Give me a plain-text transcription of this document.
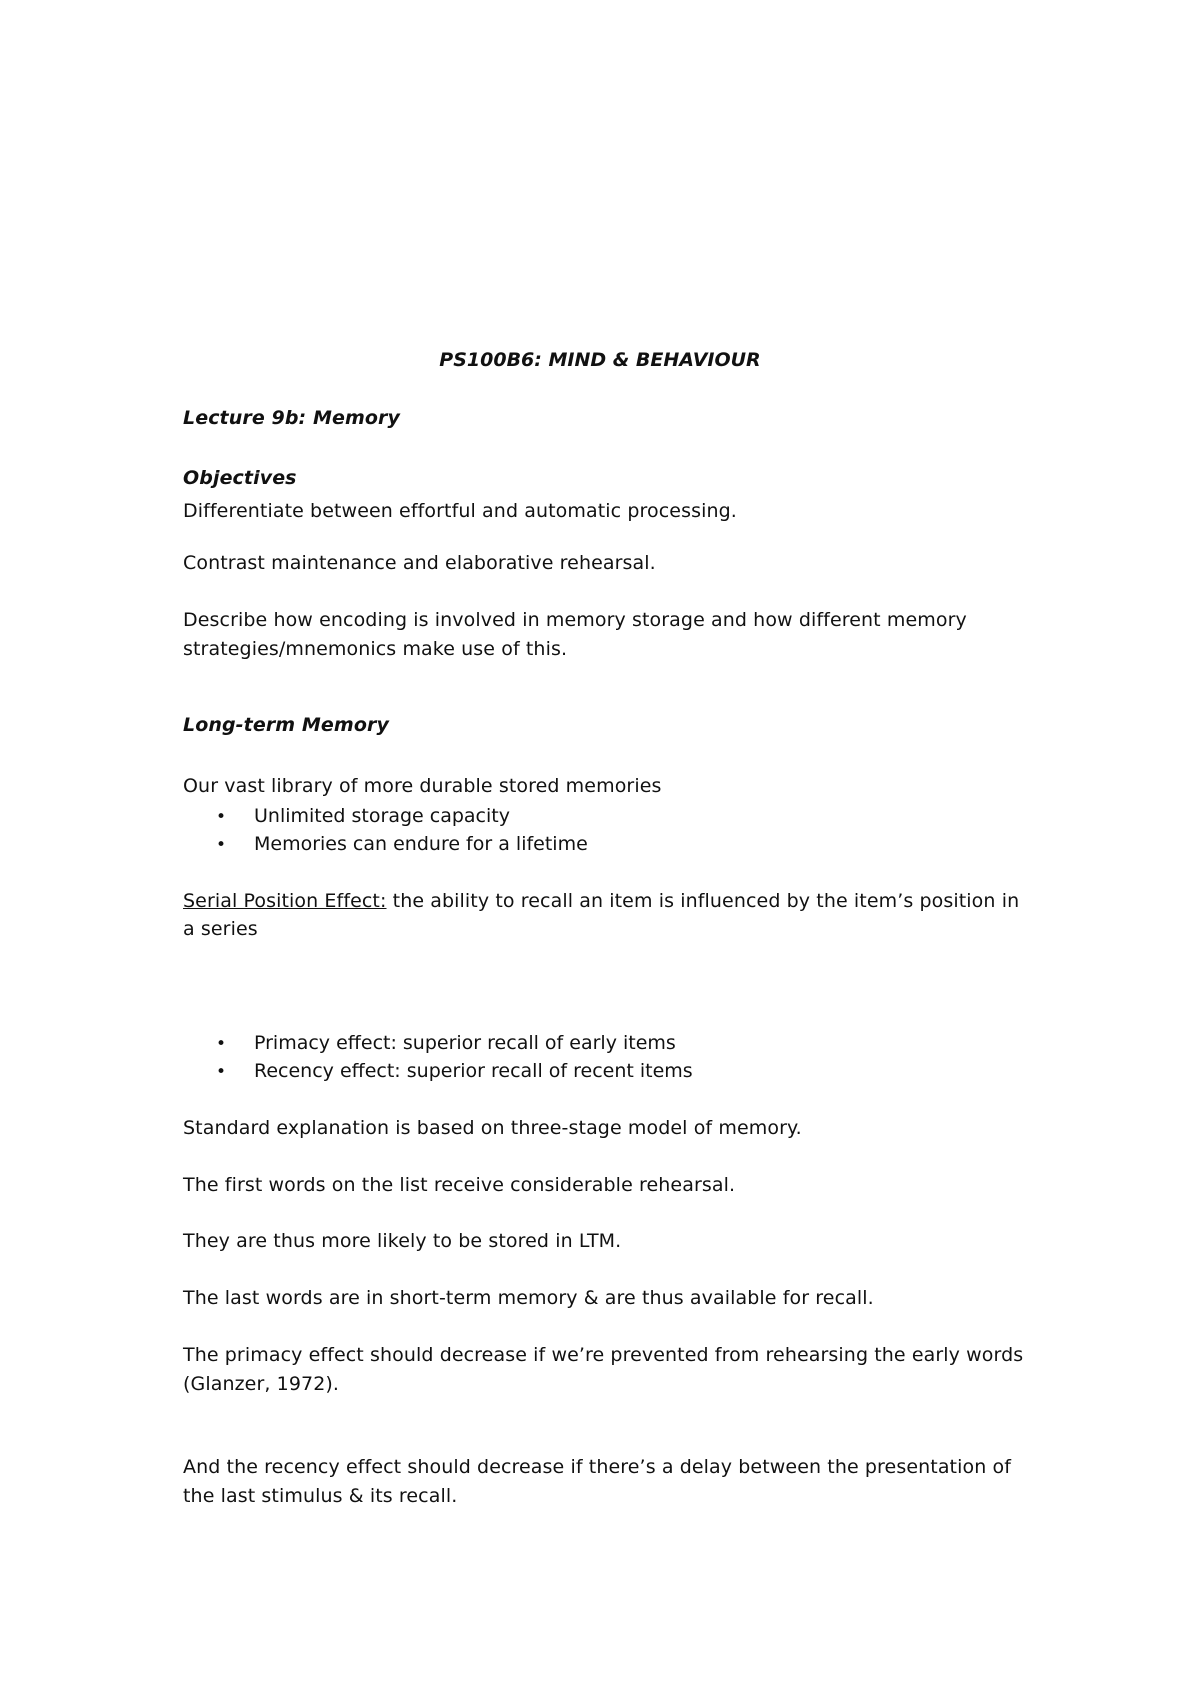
PS100B6: MIND & BEHAVIOUR
Lecture 9b: Memory
Objectives
Differentiate between effortful and automatic processing.
Contrast maintenance and elaborative rehearsal.
Describe how encoding is involved in memory storage and how different memory
strategies/mnemonics make use of this.
Long-term Memory
Our vast library of more durable stored memories
• Unlimited storage capacity
• Memories can endure for a lifetime
Serial Position Effect: the ability to recall an item is influenced by the item’s position in
a series
• Primacy effect: superior recall of early items
• Recency effect: superior recall of recent items
Standard explanation is based on three-stage model of memory.
The first words on the list receive considerable rehearsal.
They are thus more likely to be stored in LTM.
The last words are in short-term memory & are thus available for recall.
The primacy effect should decrease if we’re prevented from rehearsing the early words
(Glanzer, 1972).
And the recency effect should decrease if there’s a delay between the presentation of
the last stimulus & its recall.
